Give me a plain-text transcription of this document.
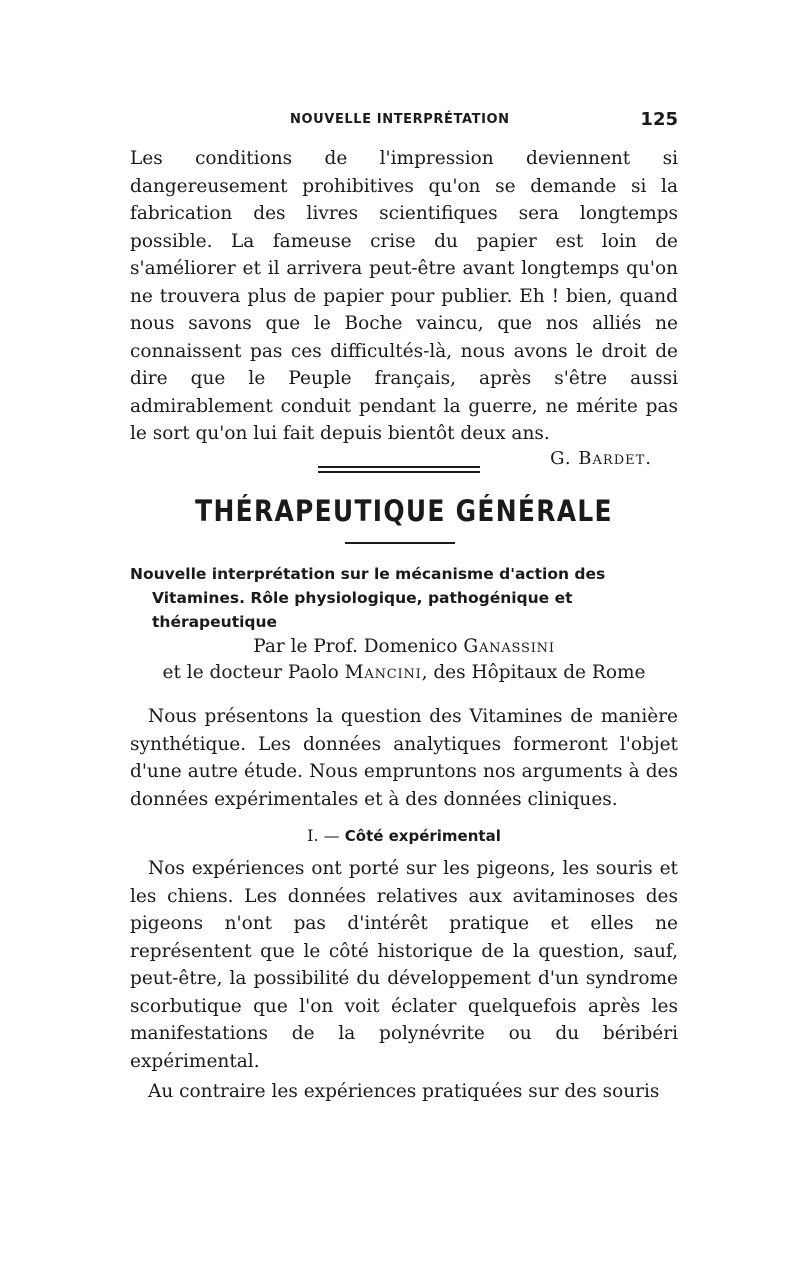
NOUVELLE INTERPRÉTATION	125

Les conditions de l'impression deviennent si dangereusement prohibitives qu'on se demande si la fabrication des livres scientifiques sera longtemps possible. La fameuse crise du papier est loin de s'améliorer et il arrivera peut-être avant longtemps qu'on ne trouvera plus de papier pour publier. Eh ! bien, quand nous savons que le Boche vaincu, que nos alliés ne connaissent pas ces difficultés-là, nous avons le droit de dire que le Peuple français, après s'être aussi admirablement conduit pendant la guerre, ne mérite pas le sort qu'on lui fait depuis bientôt deux ans.

G. Bardet.
THÉRAPEUTIQUE GÉNÉRALE
Nouvelle interprétation sur le mécanisme d'action des Vitamines. Rôle physiologique, pathogénique et thérapeutique
Par le Prof. Domenico Ganassini
et le docteur Paolo Mancini, des Hôpitaux de Rome

Nous présentons la question des Vitamines de manière synthétique. Les données analytiques formeront l'objet d'une autre étude. Nous empruntons nos arguments à des données expérimentales et à des données cliniques.

I. — Côté expérimental

Nos expériences ont porté sur les pigeons, les souris et les chiens. Les données relatives aux avitaminoses des pigeons n'ont pas d'intérêt pratique et elles ne représentent que le côté historique de la question, sauf, peut-être, la possibilité du développement d'un syndrome scorbutique que l'on voit éclater quelquefois après les manifestations de la polynévrite ou du béribéri expérimental.

Au contraire les expériences pratiquées sur des souris
